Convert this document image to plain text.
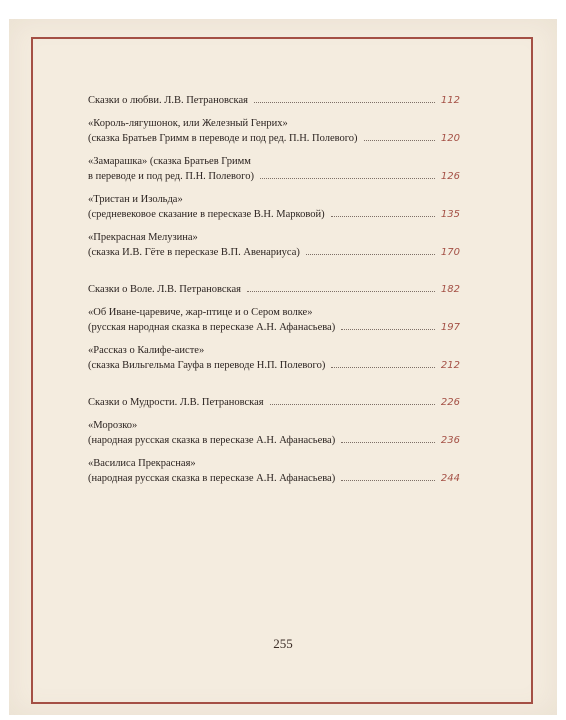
Сказки о любви. Л.В. Петрановская	112
«Король-лягушонок, или Железный Генрих»
(сказка Братьев Гримм в переводе и под ред. П.Н. Полевого)	120
«Замарашка» (сказка Братьев Гримм
в переводе и под ред. П.Н. Полевого)	126
«Тристан и Изольда»
(средневековое сказание в пересказе В.Н. Марковой)	135
«Прекрасная Мелузина»
(сказка И.В. Гёте в пересказе В.П. Авенариуса)	170
Сказки о Воле. Л.В. Петрановская	182
«Об Иване-царевиче, жар-птице и о Сером волке»
(русская народная сказка в пересказе А.Н. Афанасьева)	197
«Рассказ о Калифе-аисте»
(сказка Вильгельма Гауфа в переводе Н.П. Полевого)	212
Сказки о Мудрости. Л.В. Петрановская	226
«Морозко»
(народная русская сказка в пересказе А.Н. Афанасьева)	236
«Василиса Прекрасная»
(народная русская сказка в пересказе А.Н. Афанасьева)	244
255
